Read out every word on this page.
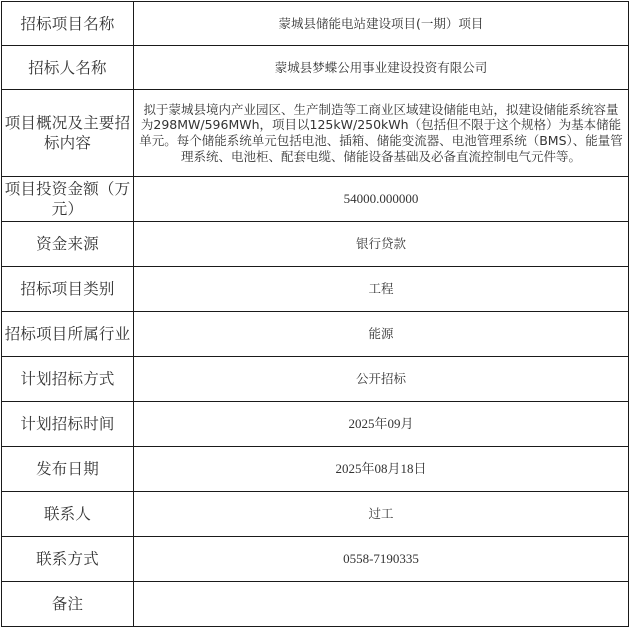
招标项目名称	蒙城县储能电站建设项目(一期）项目
招标人名称	蒙城县梦蝶公用事业建设投资有限公司
项目概况及主要招标内容	拟于蒙城县境内产业园区、生产制造等工商业区域建设储能电站，拟建设储能系统容量为298MW/596MWh，项目以125kW/250kWh（包括但不限于这个规格）为基本储能单元。每个储能系统单元包括电池、插箱、储能变流器、电池管理系统（BMS）、能量管理系统、电池柜、配套电缆、储能设备基础及必备直流控制电气元件等。
项目投资金额（万元）	54000.000000
资金来源	银行贷款
招标项目类别	工程
招标项目所属行业	能源
计划招标方式	公开招标
计划招标时间	2025年09月
发布日期	2025年08月18日
联系人	过工
联系方式	0558-7190335
备注	
